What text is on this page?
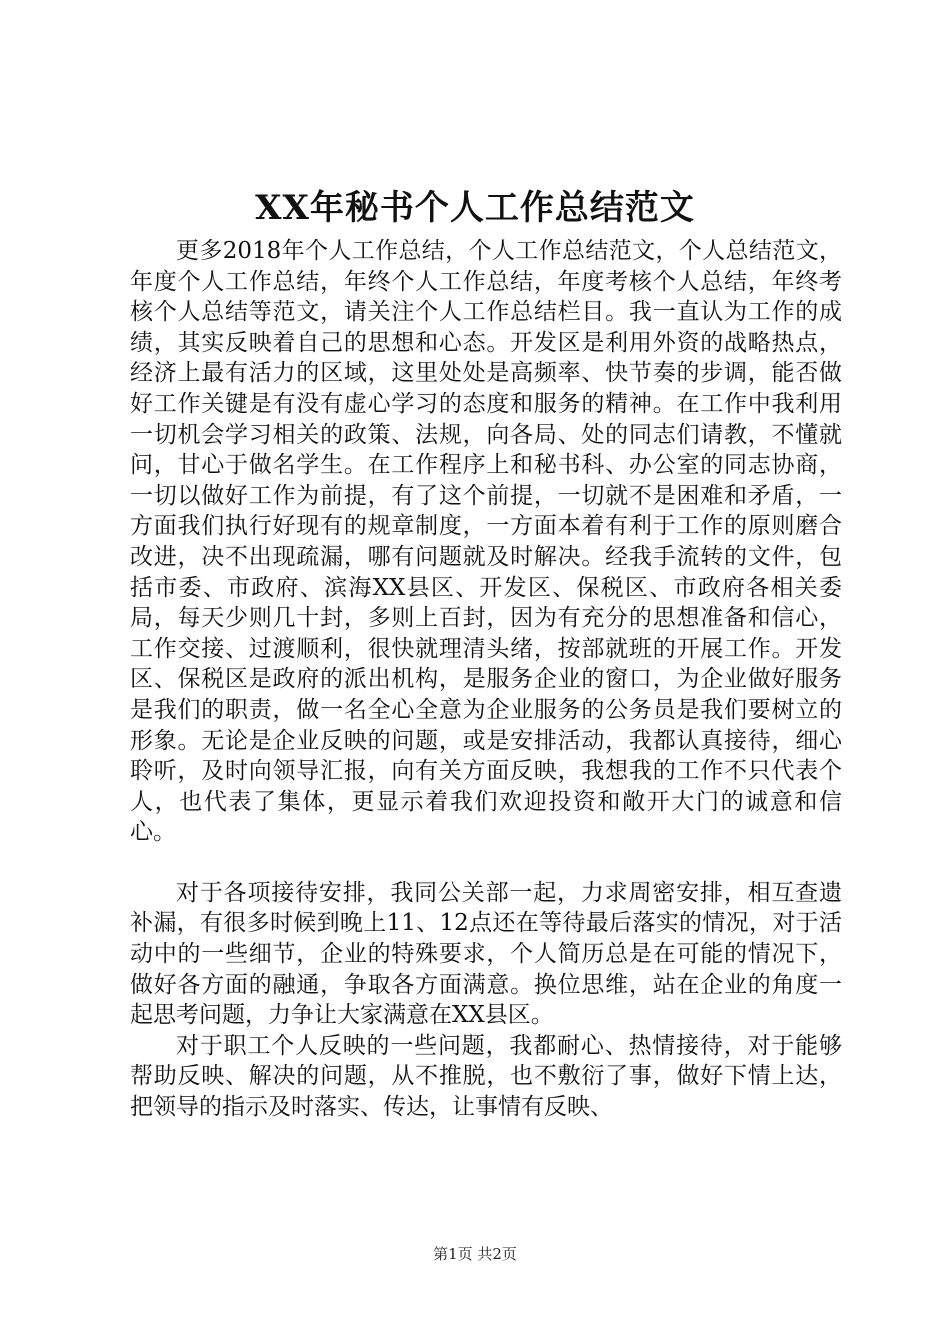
XX年秘书个人工作总结范文

更多2018年个人工作总结，个人工作总结范文，个人总结范文，年度个人工作总结，年终个人工作总结，年度考核个人总结，年终考核个人总结等范文，请关注个人工作总结栏目。我一直认为工作的成绩，其实反映着自己的思想和心态。开发区是利用外资的战略热点，经济上最有活力的区域，这里处处是高频率、快节奏的步调，能否做好工作关键是有没有虚心学习的态度和服务的精神。在工作中我利用一切机会学习相关的政策、法规，向各局、处的同志们请教，不懂就问，甘心于做名学生。在工作程序上和秘书科、办公室的同志协商，一切以做好工作为前提，有了这个前提，一切就不是困难和矛盾，一方面我们执行好现有的规章制度，一方面本着有利于工作的原则磨合改进，决不出现疏漏，哪有问题就及时解决。经我手流转的文件，包括市委、市政府、滨海XX县区、开发区、保税区、市政府各相关委局，每天少则几十封，多则上百封，因为有充分的思想准备和信心，工作交接、过渡顺利，很快就理清头绪，按部就班的开展工作。开发区、保税区是政府的派出机构，是服务企业的窗口，为企业做好服务是我们的职责，做一名全心全意为企业服务的公务员是我们要树立的形象。无论是企业反映的问题，或是安排活动，我都认真接待，细心聆听，及时向领导汇报，向有关方面反映，我想我的工作不只代表个人，也代表了集体，更显示着我们欢迎投资和敞开大门的诚意和信心。

对于各项接待安排，我同公关部一起，力求周密安排，相互查遗补漏，有很多时候到晚上11、12点还在等待最后落实的情况，对于活动中的一些细节，企业的特殊要求，个人简历总是在可能的情况下，做好各方面的融通，争取各方面满意。换位思维，站在企业的角度一起思考问题，力争让大家满意在XX县区。

对于职工个人反映的一些问题，我都耐心、热情接待，对于能够帮助反映、解决的问题，从不推脱，也不敷衍了事，做好下情上达，把领导的指示及时落实、传达，让事情有反映、

第1页 共2页
